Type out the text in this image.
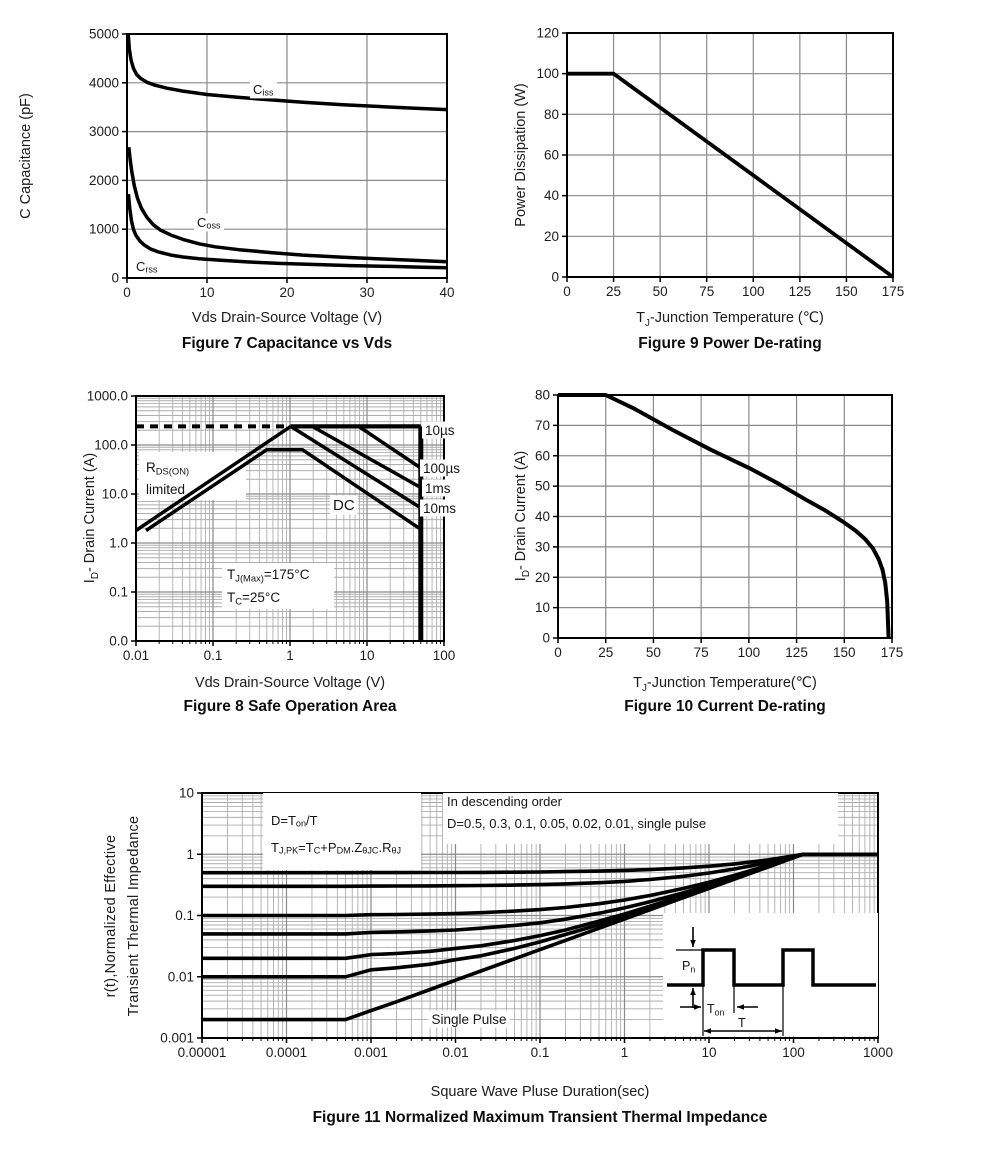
0	10	20	30	40
0
1000
2000
3000
4000
5000
$C_{iss}$
$C_{oss}$
$C_{rss}$
0	25 50 75 100 125 150 175
0
20
40
60
80
100
120
0.01	0.1	1	10	100
1000.0
100.0
10.0
1.0
0.1
0.0
$R_{DS(ON)}$
limited
DC
$T_{J(Max)}=175^\circ C$
$T_C=25^\circ C$
10µs
100µs
1ms
10ms
0	25 50 75 100 125 150 175
0
10
20
30
40
50
60
70
80
0.00001	0.0001	0.001	0.01	0.1	1	10	100	1000
10
1
0.1
0.01
0.001
$P_n$
$T_{on}$
T
$D=T_{on}/T$
$T_{J,PK}=T_C+P_{DM}.Z_{\theta JC}.R_{\theta J}$
In descending order
D=0.5, 0.3, 0.1, 0.05, 0.02, 0.01, single pulse
Single Pulse
C Capacitance (pF)
Vds Drain-Source Voltage (V)
Figure 7 Capacitance vs Vds
Power Dissipation (W)
$T_J$-Junction Temperature (℃)
Figure 9 Power De-rating
$I_D-$ Drain Current (A)
Vds Drain-Source Voltage (V)
Figure 8 Safe Operation Area
$I_D-$ Drain Current (A)
$T_J$-Junction Temperature(℃)
Figure 10 Current De-rating
r(t),Normalized Effective Transient Thermal Impedance
Square Wave Pluse Duration(sec)
Figure 11 Normalized Maximum Transient Thermal Impedance
